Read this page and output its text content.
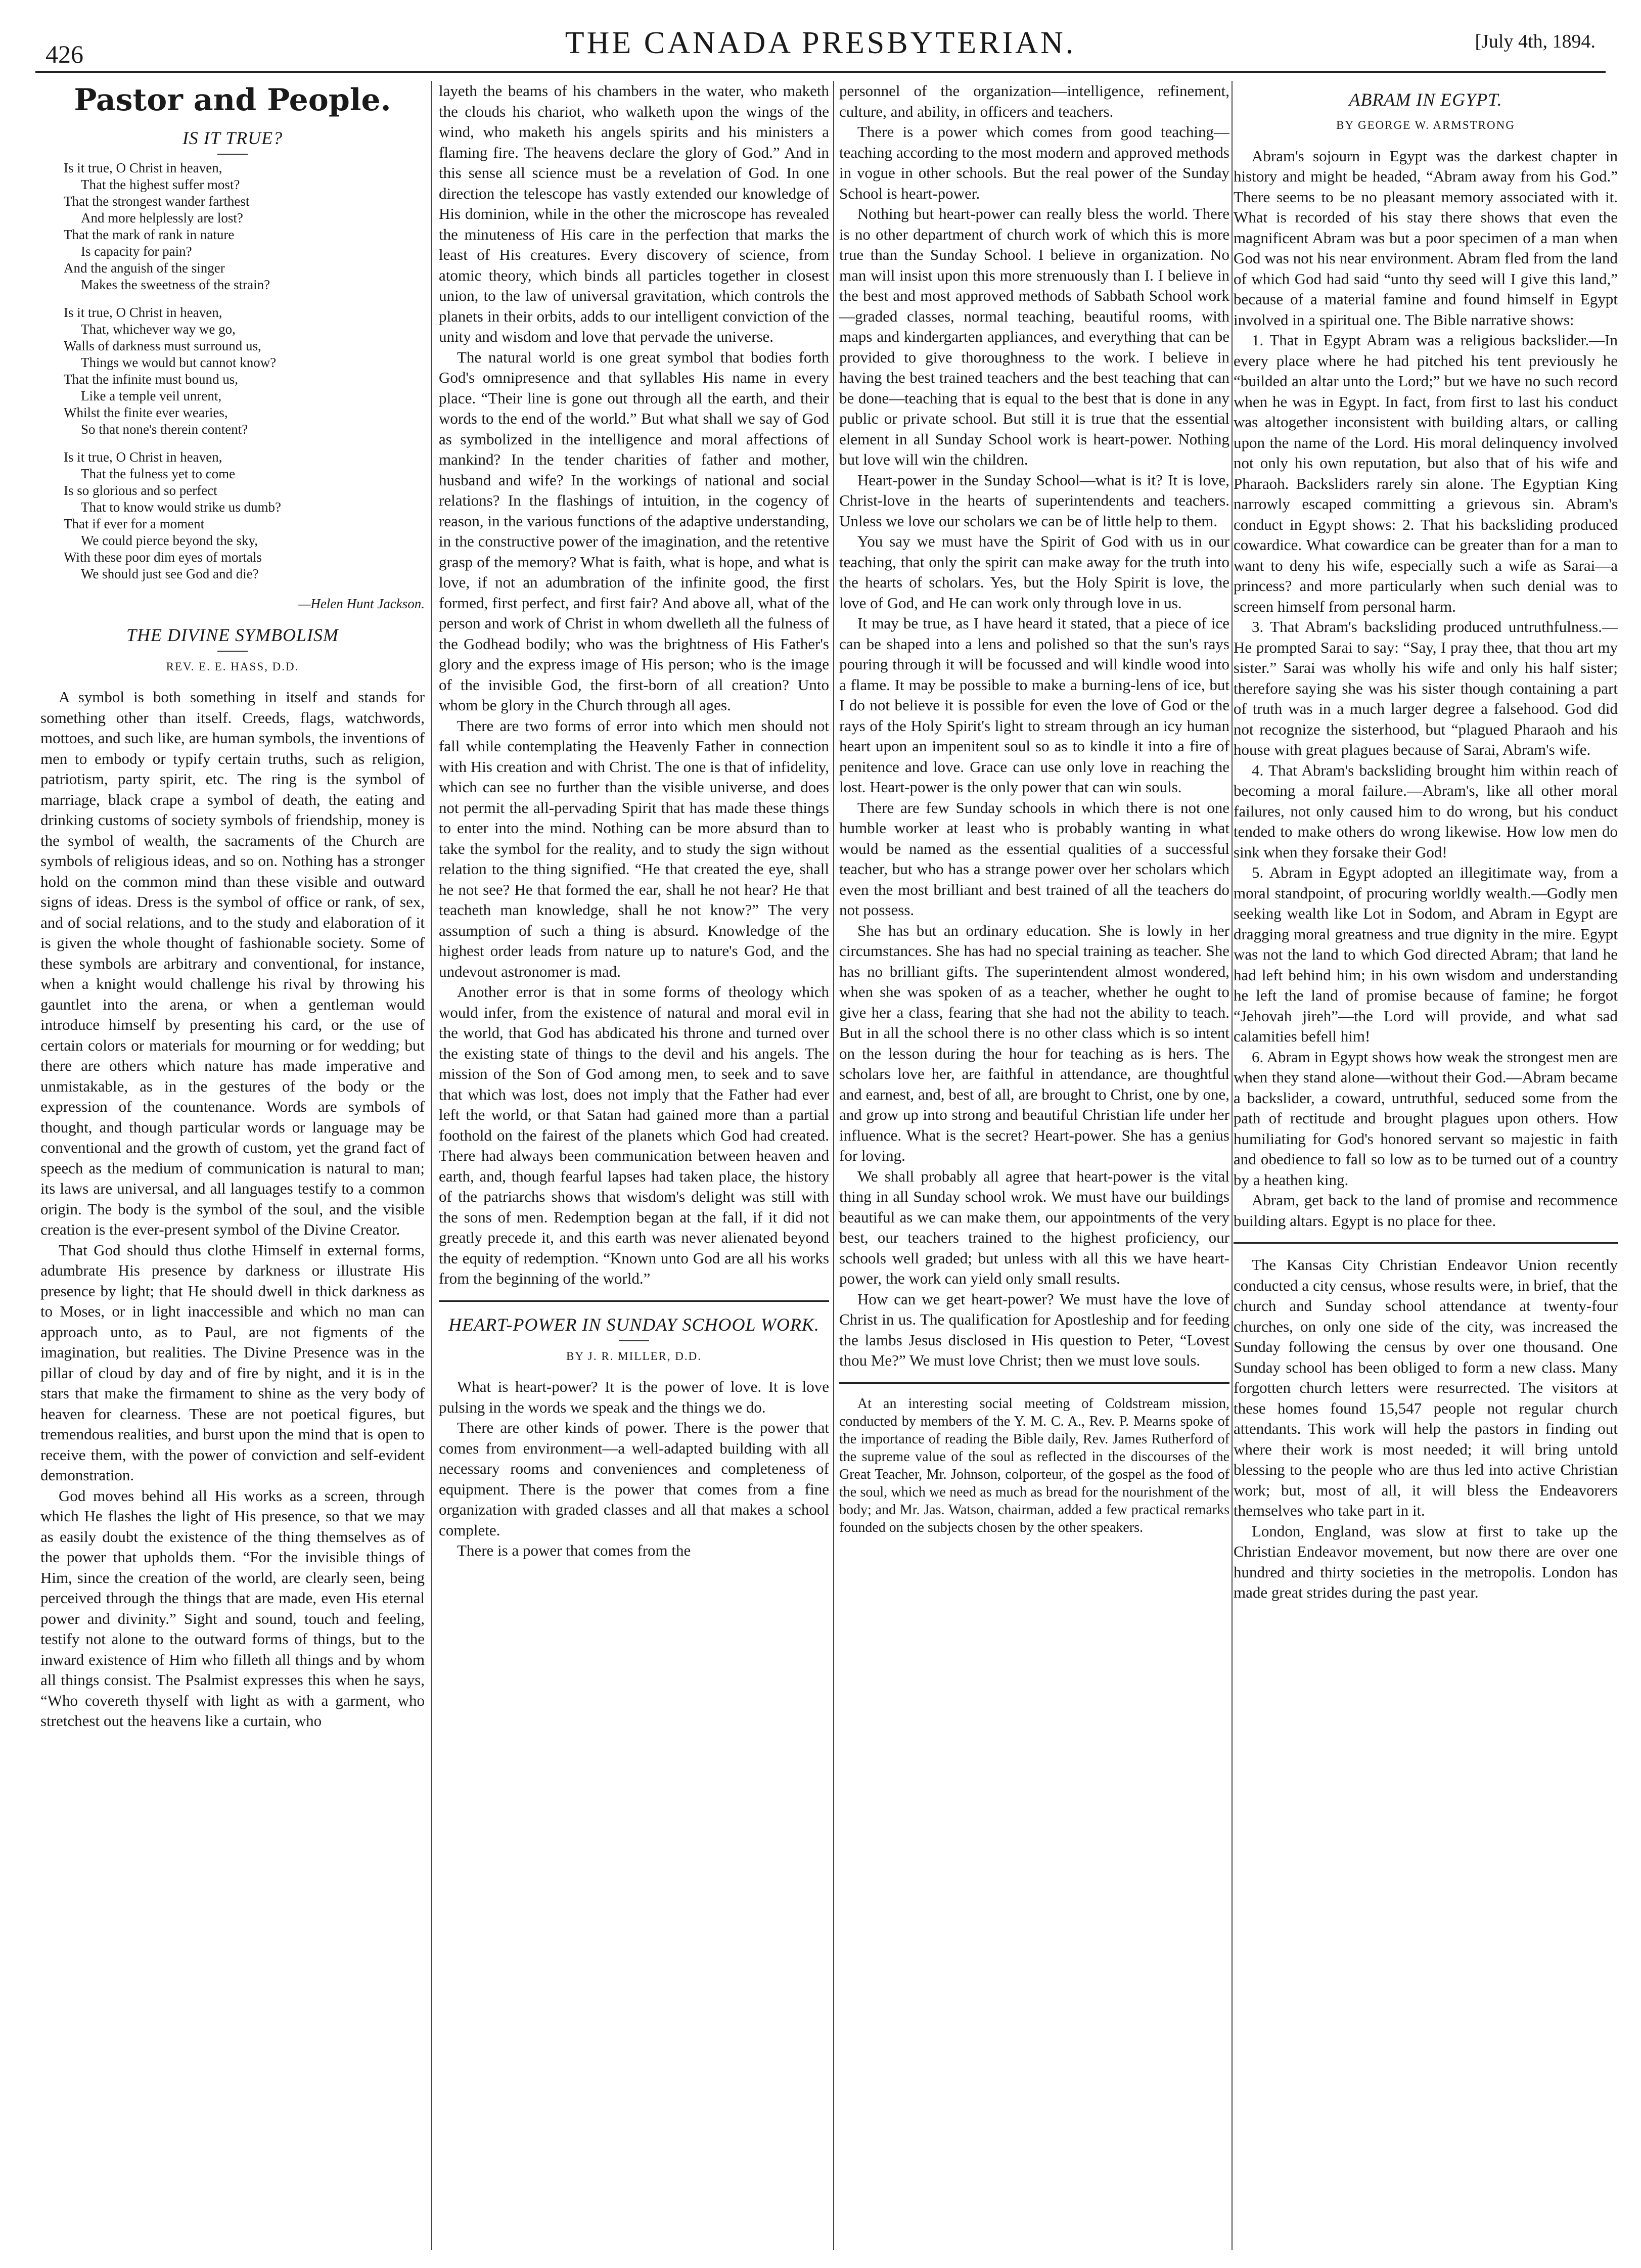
426	THE CANADA PRESBYTERIAN.	[July 4th, 1894.
Pastor and People.
IS IT TRUE?
Is it true, O Christ in heaven,
That the highest suffer most?
That the strongest wander farthest
And more helplessly are lost?
That the mark of rank in nature
Is capacity for pain?
And the anguish of the singer
Makes the sweetness of the strain?
Is it true, O Christ in heaven,
That, whichever way we go,
Walls of darkness must surround us,
Things we would but cannot know?
That the infinite must bound us,
Like a temple veil unrent,
Whilst the finite ever wearies,
So that none's therein content?
Is it true, O Christ in heaven,
That the fulness yet to come
Is so glorious and so perfect
That to know would strike us dumb?
That if ever for a moment
We could pierce beyond the sky,
With these poor dim eyes of mortals
We should just see God and die?
—Helen Hunt Jackson.
THE DIVINE SYMBOLISM
REV. E. E. HASS, D.D.

A symbol is both something in itself and stands for something other than itself. Creeds, flags, watchwords, mottoes, and such like, are human symbols, the inventions of men to embody or typify certain truths, such as religion, patriotism, party spirit, etc. The ring is the symbol of marriage, black crape a symbol of death, the eating and drinking customs of society symbols of friendship, money is the symbol of wealth, the sacraments of the Church are symbols of religious ideas, and so on. Nothing has a stronger hold on the common mind than these visible and outward signs of ideas. Dress is the symbol of office or rank, of sex, and of social relations, and to the study and elaboration of it is given the whole thought of fashionable society. Some of these symbols are arbitrary and conventional, for instance, when a knight would challenge his rival by throwing his gauntlet into the arena, or when a gentleman would introduce himself by presenting his card, or the use of certain colors or materials for mourning or for wedding; but there are others which nature has made imperative and unmistakable, as in the gestures of the body or the expression of the countenance. Words are symbols of thought, and though particular words or language may be conventional and the growth of custom, yet the grand fact of speech as the medium of communication is natural to man; its laws are universal, and all languages testify to a common origin. The body is the symbol of the soul, and the visible creation is the ever-present symbol of the Divine Creator.

That God should thus clothe Himself in external forms, adumbrate His presence by darkness or illustrate His presence by light; that He should dwell in thick darkness as to Moses, or in light inaccessible and which no man can approach unto, as to Paul, are not figments of the imagination, but realities. The Divine Presence was in the pillar of cloud by day and of fire by night, and it is in the stars that make the firmament to shine as the very body of heaven for clearness. These are not poetical figures, but tremendous realities, and burst upon the mind that is open to receive them, with the power of conviction and self-evident demonstration.

God moves behind all His works as a screen, through which He flashes the light of His presence, so that we may as easily doubt the existence of the thing themselves as of the power that upholds them. “For the invisible things of Him, since the creation of the world, are clearly seen, being perceived through the things that are made, even His eternal power and divinity.” Sight and sound, touch and feeling, testify not alone to the outward forms of things, but to the inward existence of Him who filleth all things and by whom all things consist. The Psalmist expresses this when he says, “Who covereth thyself with light as with a garment, who stretchest out the heavens like a curtain, who

layeth the beams of his chambers in the water, who maketh the clouds his chariot, who walketh upon the wings of the wind, who maketh his angels spirits and his ministers a flaming fire. The heavens declare the glory of God.” And in this sense all science must be a revelation of God. In one direction the telescope has vastly extended our knowledge of His dominion, while in the other the microscope has revealed the minuteness of His care in the perfection that marks the least of His creatures. Every discovery of science, from atomic theory, which binds all particles together in closest union, to the law of universal gravitation, which controls the planets in their orbits, adds to our intelligent conviction of the unity and wisdom and love that pervade the universe.

The natural world is one great symbol that bodies forth God's omnipresence and that syllables His name in every place. “Their line is gone out through all the earth, and their words to the end of the world.” But what shall we say of God as symbolized in the intelligence and moral affections of mankind? In the tender charities of father and mother, husband and wife? In the workings of national and social relations? In the flashings of intuition, in the cogency of reason, in the various functions of the adaptive understanding, in the constructive power of the imagination, and the retentive grasp of the memory? What is faith, what is hope, and what is love, if not an adumbration of the infinite good, the first formed, first perfect, and first fair? And above all, what of the person and work of Christ in whom dwelleth all the fulness of the Godhead bodily; who was the brightness of His Father's glory and the express image of His person; who is the image of the invisible God, the first-born of all creation? Unto whom be glory in the Church through all ages.

There are two forms of error into which men should not fall while contemplating the Heavenly Father in connection with His creation and with Christ. The one is that of infidelity, which can see no further than the visible universe, and does not permit the all-pervading Spirit that has made these things to enter into the mind. Nothing can be more absurd than to take the symbol for the reality, and to study the sign without relation to the thing signified. “He that created the eye, shall he not see? He that formed the ear, shall he not hear? He that teacheth man knowledge, shall he not know?” The very assumption of such a thing is absurd. Knowledge of the highest order leads from nature up to nature's God, and the undevout astronomer is mad.

Another error is that in some forms of theology which would infer, from the existence of natural and moral evil in the world, that God has abdicated his throne and turned over the existing state of things to the devil and his angels. The mission of the Son of God among men, to seek and to save that which was lost, does not imply that the Father had ever left the world, or that Satan had gained more than a partial foothold on the fairest of the planets which God had created. There had always been communication between heaven and earth, and, though fearful lapses had taken place, the history of the patriarchs shows that wisdom's delight was still with the sons of men. Redemption began at the fall, if it did not greatly precede it, and this earth was never alienated beyond the equity of redemption. “Known unto God are all his works from the beginning of the world.”

HEART-POWER IN SUNDAY SCHOOL WORK.
BY J. R. MILLER, D.D.

What is heart-power? It is the power of love. It is love pulsing in the words we speak and the things we do.

There are other kinds of power. There is the power that comes from environment—a well-adapted building with all necessary rooms and conveniences and completeness of equipment. There is the power that comes from a fine organization with graded classes and all that makes a school complete.

There is a power that comes from the

personnel of the organization—intelligence, refinement, culture, and ability, in officers and teachers.

There is a power which comes from good teaching—teaching according to the most modern and approved methods in vogue in other schools. But the real power of the Sunday School is heart-power.

Nothing but heart-power can really bless the world. There is no other department of church work of which this is more true than the Sunday School. I believe in organization. No man will insist upon this more strenuously than I. I believe in the best and most approved methods of Sabbath School work—graded classes, normal teaching, beautiful rooms, with maps and kindergarten appliances, and everything that can be provided to give thoroughness to the work. I believe in having the best trained teachers and the best teaching that can be done—teaching that is equal to the best that is done in any public or private school. But still it is true that the essential element in all Sunday School work is heart-power. Nothing but love will win the children.

Heart-power in the Sunday School—what is it? It is love, Christ-love in the hearts of superintendents and teachers. Unless we love our scholars we can be of little help to them.

You say we must have the Spirit of God with us in our teaching, that only the spirit can make away for the truth into the hearts of scholars. Yes, but the Holy Spirit is love, the love of God, and He can work only through love in us.

It may be true, as I have heard it stated, that a piece of ice can be shaped into a lens and polished so that the sun's rays pouring through it will be focussed and will kindle wood into a flame. It may be possible to make a burning-lens of ice, but I do not believe it is possible for even the love of God or the rays of the Holy Spirit's light to stream through an icy human heart upon an impenitent soul so as to kindle it into a fire of penitence and love. Grace can use only love in reaching the lost. Heart-power is the only power that can win souls.

There are few Sunday schools in which there is not one humble worker at least who is probably wanting in what would be named as the essential qualities of a successful teacher, but who has a strange power over her scholars which even the most brilliant and best trained of all the teachers do not possess.

She has but an ordinary education. She is lowly in her circumstances. She has had no special training as teacher. She has no brilliant gifts. The superintendent almost wondered, when she was spoken of as a teacher, whether he ought to give her a class, fearing that she had not the ability to teach. But in all the school there is no other class which is so intent on the lesson during the hour for teaching as is hers. The scholars love her, are faithful in attendance, are thoughtful and earnest, and, best of all, are brought to Christ, one by one, and grow up into strong and beautiful Christian life under her influence. What is the secret? Heart-power. She has a genius for loving.

We shall probably all agree that heart-power is the vital thing in all Sunday school wrok. We must have our buildings beautiful as we can make them, our appointments of the very best, our teachers trained to the highest proficiency, our schools well graded; but unless with all this we have heart-power, the work can yield only small results.

How can we get heart-power? We must have the love of Christ in us. The qualification for Apostleship and for feeding the lambs Jesus disclosed in His question to Peter, “Lovest thou Me?” We must love Christ; then we must love souls.

At an interesting social meeting of Coldstream mission, conducted by members of the Y. M. C. A., Rev. P. Mearns spoke of the importance of reading the Bible daily, Rev. James Rutherford of the supreme value of the soul as reflected in the discourses of the Great Teacher, Mr. Johnson, colporteur, of the gospel as the food of the soul, which we need as much as bread for the nourishment of the body; and Mr. Jas. Watson, chairman, added a few practical remarks founded on the subjects chosen by the other speakers.

ABRAM IN EGYPT.
BY GEORGE W. ARMSTRONG

Abram's sojourn in Egypt was the darkest chapter in history and might be headed, “Abram away from his God.” There seems to be no pleasant memory associated with it. What is recorded of his stay there shows that even the magnificent Abram was but a poor specimen of a man when God was not his near environment. Abram fled from the land of which God had said “unto thy seed will I give this land,” because of a material famine and found himself in Egypt involved in a spiritual one. The Bible narrative shows:

1. That in Egypt Abram was a religious backslider.—In every place where he had pitched his tent previously he “builded an altar unto the Lord;” but we have no such record when he was in Egypt. In fact, from first to last his conduct was altogether inconsistent with building altars, or calling upon the name of the Lord. His moral delinquency involved not only his own reputation, but also that of his wife and Pharaoh. Backsliders rarely sin alone. The Egyptian King narrowly escaped committing a grievous sin. Abram's conduct in Egypt shows: 2. That his backsliding produced cowardice. What cowardice can be greater than for a man to want to deny his wife, especially such a wife as Sarai—a princess? and more particularly when such denial was to screen himself from personal harm.

3. That Abram's backsliding produced untruthfulness.—He prompted Sarai to say: “Say, I pray thee, that thou art my sister.” Sarai was wholly his wife and only his half sister; therefore saying she was his sister though containing a part of truth was in a much larger degree a falsehood. God did not recognize the sisterhood, but “plagued Pharaoh and his house with great plagues because of Sarai, Abram's wife.

4. That Abram's backsliding brought him within reach of becoming a moral failure.—Abram's, like all other moral failures, not only caused him to do wrong, but his conduct tended to make others do wrong likewise. How low men do sink when they forsake their God!

5. Abram in Egypt adopted an illegitimate way, from a moral standpoint, of procuring worldly wealth.—Godly men seeking wealth like Lot in Sodom, and Abram in Egypt are dragging moral greatness and true dignity in the mire. Egypt was not the land to which God directed Abram; that land he had left behind him; in his own wisdom and understanding he left the land of promise because of famine; he forgot “Jehovah jireh”—the Lord will provide, and what sad calamities befell him!

6. Abram in Egypt shows how weak the strongest men are when they stand alone—without their God.—Abram became a backslider, a coward, untruthful, seduced some from the path of rectitude and brought plagues upon others. How humiliating for God's honored servant so majestic in faith and obedience to fall so low as to be turned out of a country by a heathen king.

Abram, get back to the land of promise and recommence building altars. Egypt is no place for thee.

The Kansas City Christian Endeavor Union recently conducted a city census, whose results were, in brief, that the church and Sunday school attendance at twenty-four churches, on only one side of the city, was increased the Sunday following the census by over one thousand. One Sunday school has been obliged to form a new class. Many forgotten church letters were resurrected. The visitors at these homes found 15,547 people not regular church attendants. This work will help the pastors in finding out where their work is most needed; it will bring untold blessing to the people who are thus led into active Christian work; but, most of all, it will bless the Endeavorers themselves who take part in it.

London, England, was slow at first to take up the Christian Endeavor movement, but now there are over one hundred and thirty societies in the metropolis. London has made great strides during the past year.
